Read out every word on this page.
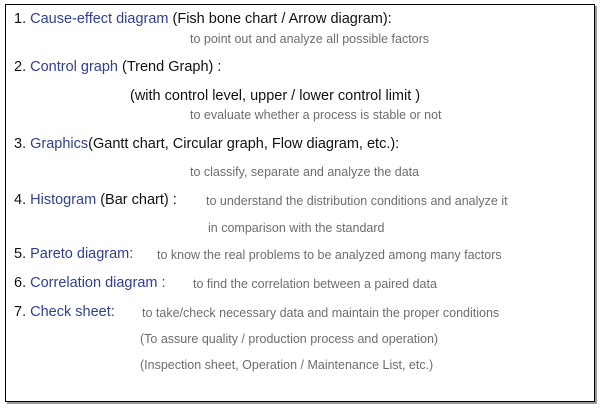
1. Cause-effect diagram (Fish bone chart / Arrow diagram):
to point out and analyze all possible factors
2. Control graph (Trend Graph) :
(with control level, upper / lower control limit )
to evaluate whether a process is stable or not
3. Graphics(Gantt chart, Circular graph, Flow diagram, etc.):
to classify, separate and analyze the data
4. Histogram (Bar chart) : to understand the distribution conditions and analyze it
in comparison with the standard
5. Pareto diagram: to know the real problems to be analyzed among many factors
6. Correlation diagram : to find the correlation between a paired data
7. Check sheet: to take/check necessary data and maintain the proper conditions
(To assure quality / production process and operation)
(Inspection sheet, Operation / Maintenance List, etc.)
